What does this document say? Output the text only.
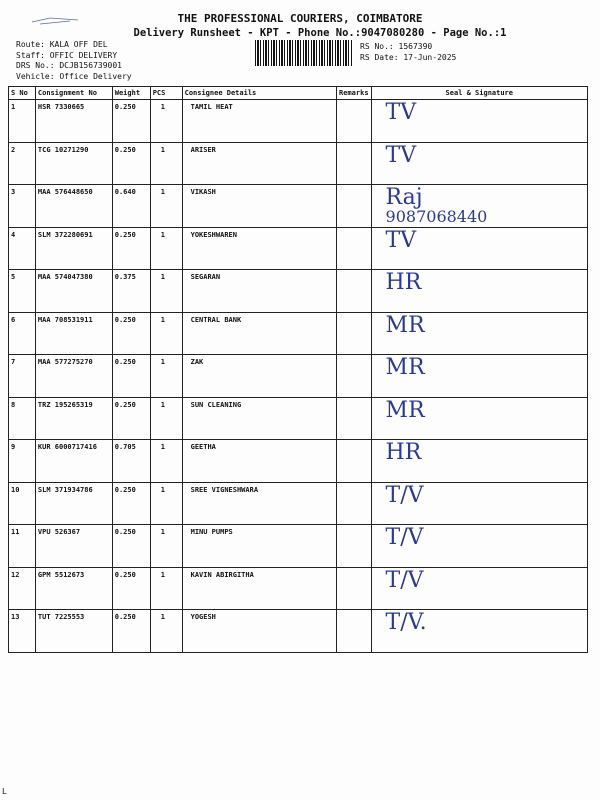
THE PROFESSIONAL COURIERS, COIMBATORE
Delivery Runsheet - KPT - Phone No.:9047080280 - Page No.:1
Route: KALA OFF DEL
Staff: OFFIC DELIVERY
DRS No.: DCJB156739001
Vehicle: Office Delivery
RS No.: 1567390
RS Date: 17-Jun-2025
S No	Consignment No	Weight	PCS	Consignee Details	Remarks	Seal & Signature
1	HSR 7330665	0.250	1	TAMIL HEAT		TV
2	TCG 10271290	0.250	1	ARISER		TV
3	MAA 576448650	0.640	1	VIKASH		Raj
9087068440

4	SLM 372280691	0.250	1	YOKESHWAREN		TV
5	MAA 574047380	0.375	1	SEGARAN		HR
6	MAA 708531911	0.250	1	CENTRAL BANK		MR
7	MAA 577275270	0.250	1	ZAK		MR
8	TRZ 195265319	0.250	1	SUN CLEANING		MR
9	KUR 6000717416	0.705	1	GEETHA		HR
10	SLM 371934786	0.250	1	SREE VIGNESHWARA		T/V
11	VPU 526367	0.250	1	MINU PUMPS		T/V
12	GPM 5512673	0.250	1	KAVIN ABIRGITHA		T/V
13	TUT 7225553	0.250	1	YOGESH		T/V.
L
